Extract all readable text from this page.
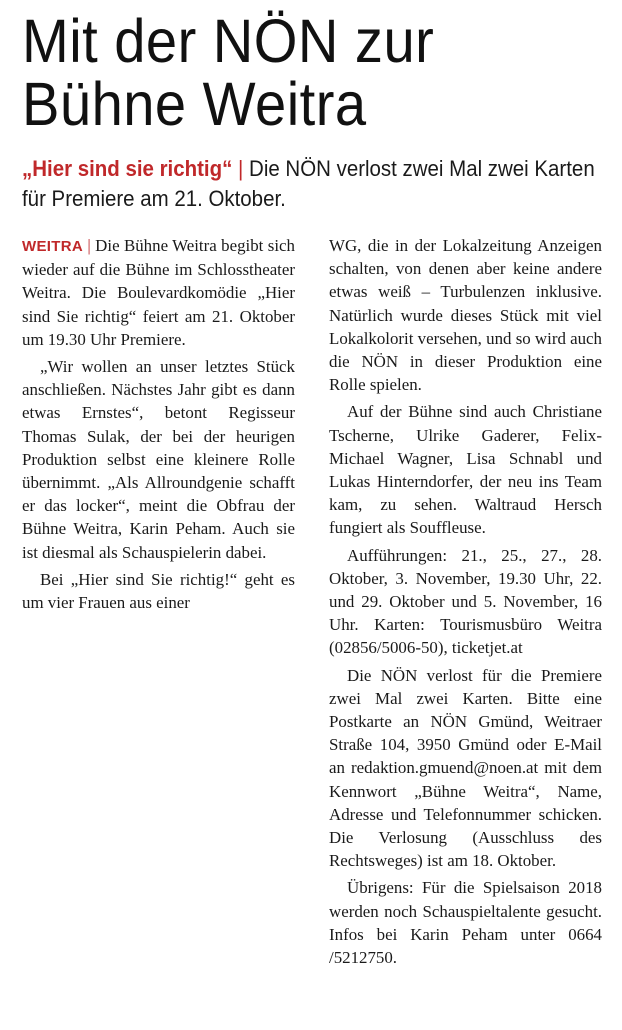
Mit der NÖN zur
Bühne Weitra
„Hier sind sie richtig“ | Die NÖN verlost zwei Mal zwei Karten für Premiere am 21. Oktober.

WEITRA | Die Bühne Weitra begibt sich wieder auf die Bühne im Schlosstheater Weitra. Die Boulevardkomödie „Hier sind Sie richtig“ feiert am 21. Oktober um 19.30 Uhr Premiere.

„Wir wollen an unser letztes Stück anschließen. Nächstes Jahr gibt es dann etwas Ernstes“, betont Regisseur Thomas Sulak, der bei der heurigen Produktion selbst eine kleinere Rolle übernimmt. „Als Allroundgenie schafft er das locker“, meint die Obfrau der Bühne Weitra, Karin Peham. Auch sie ist diesmal als Schauspielerin dabei.

Bei „Hier sind Sie richtig!“ geht es um vier Frauen aus einer

WG, die in der Lokalzeitung Anzeigen schalten, von denen aber keine andere etwas weiß – Turbulenzen inklusive. Natürlich wurde dieses Stück mit viel Lokalkolorit versehen, und so wird auch die NÖN in dieser Produktion eine Rolle spielen.

Auf der Bühne sind auch Christiane Tscherne, Ulrike Gaderer, Felix-Michael Wagner, Lisa Schnabl und Lukas Hinterndorfer, der neu ins Team kam, zu sehen. Waltraud Hersch fungiert als Souffleuse.

Aufführungen: 21., 25., 27., 28. Oktober, 3. November, 19.30 Uhr, 22. und 29. Oktober und 5. November, 16 Uhr. Karten: Tourismusbüro Weitra (02856/5006-50), ticketjet.at

Die NÖN verlost für die Premiere zwei Mal zwei Karten. Bitte eine Postkarte an NÖN Gmünd, Weitraer Straße 104, 3950 Gmünd oder E-Mail an redaktion.gmuend@noen.at mit dem Kennwort „Bühne Weitra“, Name, Adresse und Telefonnummer schicken. Die Verlosung (Ausschluss des Rechtsweges) ist am 18. Oktober.

Übrigens: Für die Spielsaison 2018 werden noch Schauspieltalente gesucht. Infos bei Karin Peham unter 0664 /5212750.
